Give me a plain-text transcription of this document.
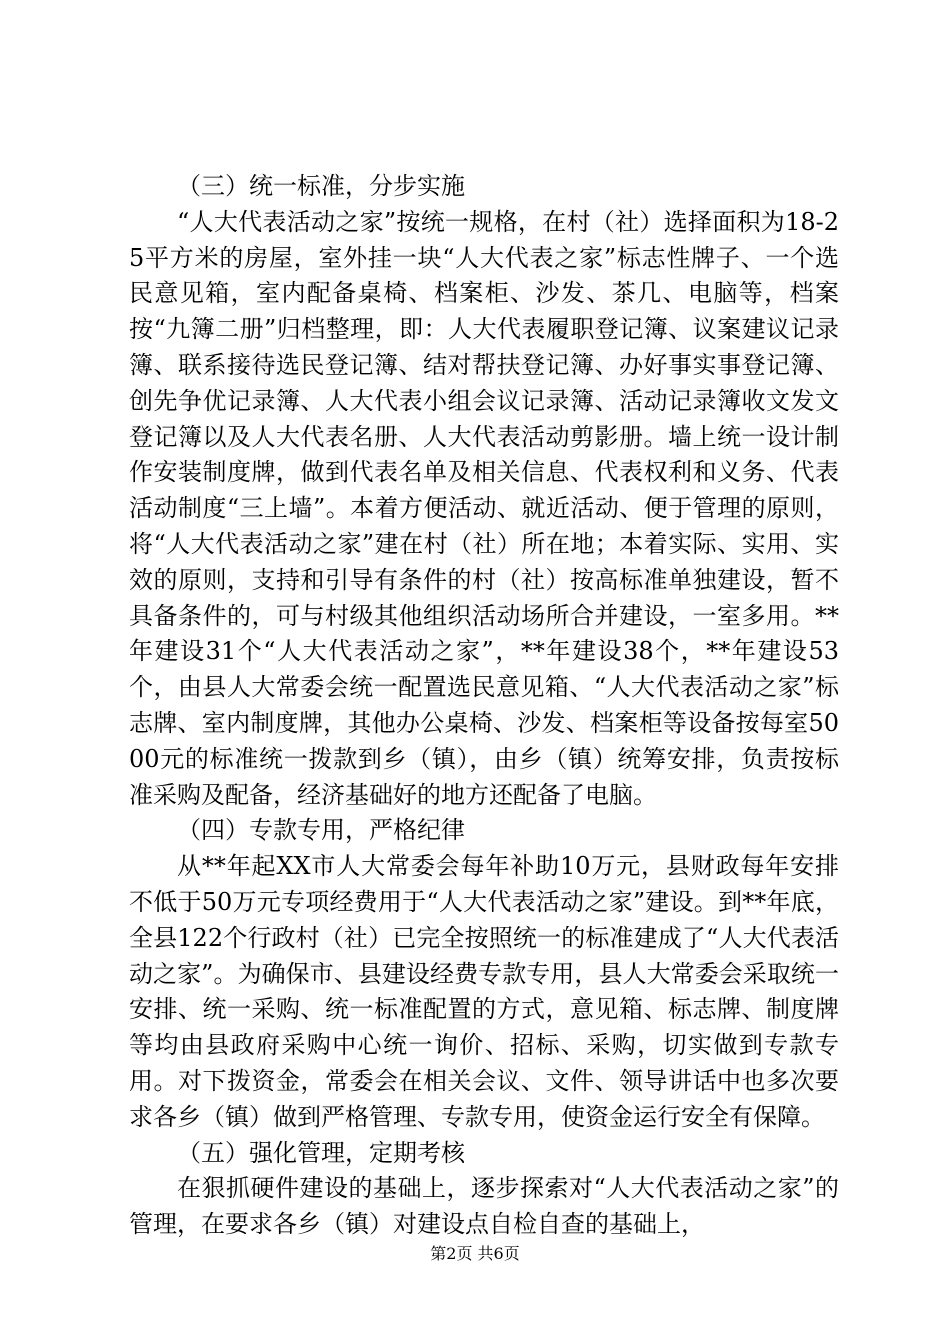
（三）统一标准，分步实施

“人大代表活动之家”按统一规格，在村（社）选择面积为18-25平方米的房屋，室外挂一块“人大代表之家”标志性牌子、一个选民意见箱，室内配备桌椅、档案柜、沙发、茶几、电脑等，档案按“九簿二册”归档整理，即：人大代表履职登记簿、议案建议记录簿、联系接待选民登记簿、结对帮扶登记簿、办好事实事登记簿、创先争优记录簿、人大代表小组会议记录簿、活动记录簿收文发文登记簿以及人大代表名册、人大代表活动剪影册。墙上统一设计制作安装制度牌，做到代表名单及相关信息、代表权利和义务、代表活动制度“三上墙”。本着方便活动、就近活动、便于管理的原则，将“人大代表活动之家”建在村（社）所在地；本着实际、实用、实效的原则，支持和引导有条件的村（社）按高标准单独建设，暂不具备条件的，可与村级其他组织活动场所合并建设，一室多用。**年建设31个“人大代表活动之家”，**年建设38个，**年建设53个，由县人大常委会统一配置选民意见箱、“人大代表活动之家”标志牌、室内制度牌，其他办公桌椅、沙发、档案柜等设备按每室5000元的标准统一拨款到乡（镇），由乡（镇）统筹安排，负责按标准采购及配备，经济基础好的地方还配备了电脑。

（四）专款专用，严格纪律

从**年起XX市人大常委会每年补助10万元，县财政每年安排不低于50万元专项经费用于“人大代表活动之家”建设。到**年底，全县122个行政村（社）已完全按照统一的标准建成了“人大代表活动之家”。为确保市、县建设经费专款专用，县人大常委会采取统一安排、统一采购、统一标准配置的方式，意见箱、标志牌、制度牌等均由县政府采购中心统一询价、招标、采购，切实做到专款专用。对下拨资金，常委会在相关会议、文件、领导讲话中也多次要求各乡（镇）做到严格管理、专款专用，使资金运行安全有保障。

（五）强化管理，定期考核

在狠抓硬件建设的基础上，逐步探索对“人大代表活动之家”的管理，在要求各乡（镇）对建设点自检自查的基础上，

第2页 共6页
